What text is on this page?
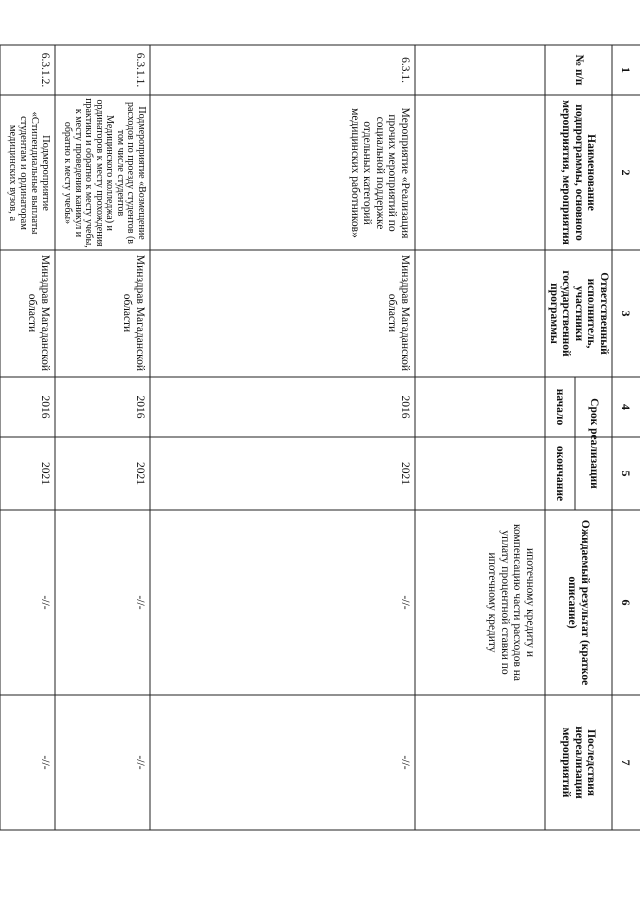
№ п/п
Наименование подпрограммы, основного мероприятия, мероприятия
Ответственный исполнитель, участники государственной программы
Срок реализации
начало
окончание
Ожидаемый результат (краткое описание)
Последствия нереализации мероприятий
ипотечному кредиту и компенсацию части расходов на уплату процентной ставки по ипотечному кредиту
6.3.1.
Мероприятие «Реализация прочих мероприятий по социальной поддержке отдельных категорий медицинских работников»
Минздрав Магаданской области
2016
2021
-//-
-//-
6.3.1.1.
Подмероприятие «Возмещение расходов по проезду студентов (в том числе студентов Медицинского колледжа) и ординаторов к месту прохождения практики и обратно к месту учебы, к месту проведения каникул и обратно к месту учебы»
Минздрав Магаданской области
2016
2021
-//-
-//-
6.3.1.2.
Подмероприятие «Стипендиальные выплаты студентам и ординаторам медицинских вузов, а
Минздрав Магаданской области
2016
2021
-//-
-//-
1
2
3
4
5
6
7
